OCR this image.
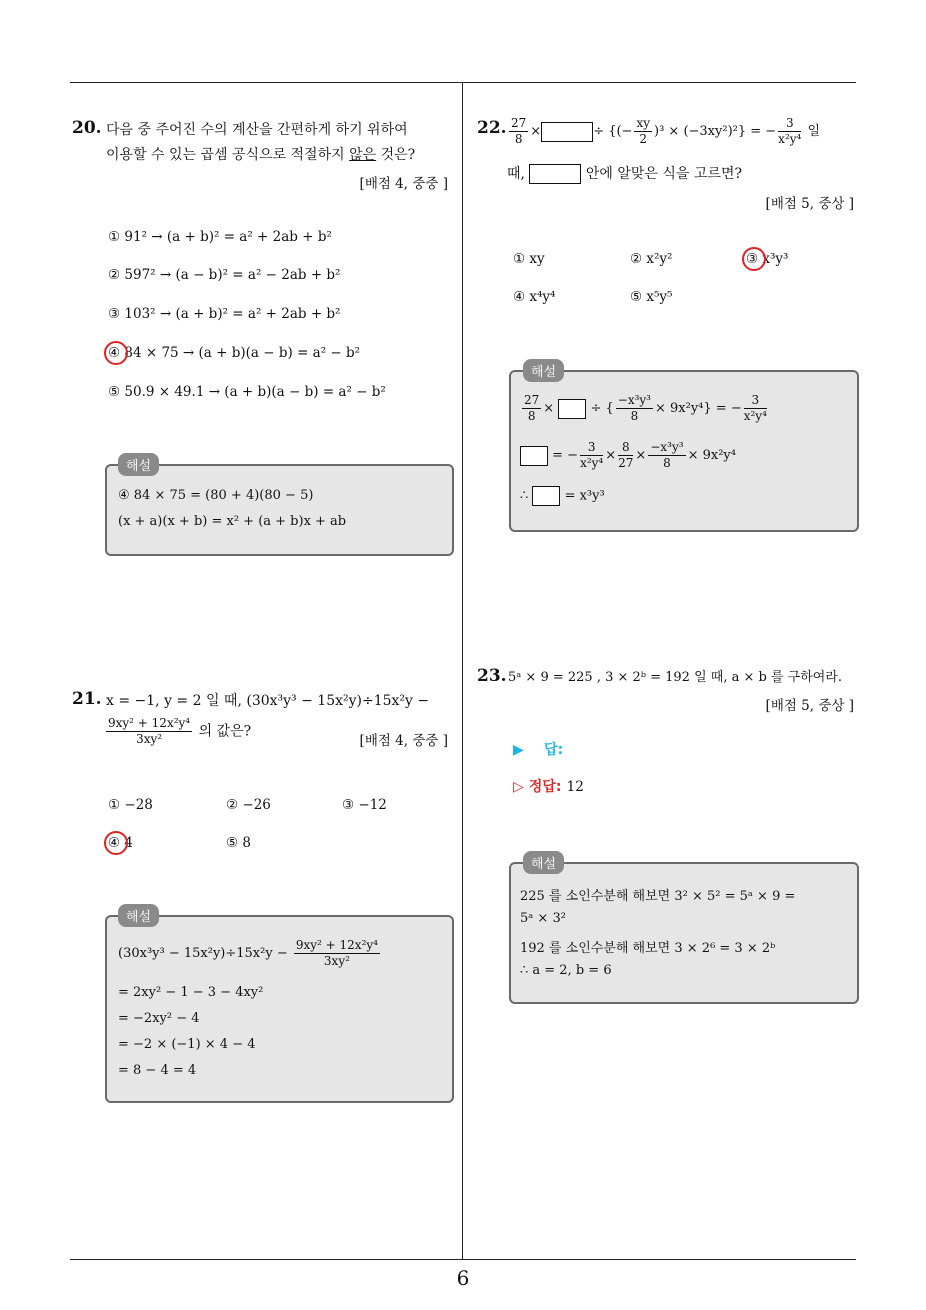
20. 다음 중 주어진 수의 계산을 간편하게 하기 위하여
이용할 수 있는 곱셈 공식으로 적절하지 않은 것은?
[배점 4, 중중 ]
① 91² → (a + b)² = a² + 2ab + b²
② 597² → (a − b)² = a² − 2ab + b²
③ 103² → (a + b)² = a² + 2ab + b²
④ 84 × 75 → (a + b)(a − b) = a² − b²
⑤ 50.9 × 49.1 → (a + b)(a − b) = a² − b²
해설
④ 84 × 75 = (80 + 4)(80 − 5)
(x + a)(x + b) = x² + (a + b)x + ab
21. x = −1, y = 2 일 때, (30x³y³ − 15x²y)÷15x²y −
$\frac{\text{9xy² + 12x²y⁴}}{\text{3xy²}}$ 의 값은?
[배점 4, 중중 ]
① −28	② −26	③ −12
④ 4	⑤ 8
해설
$(30x^3y^3 - 15x^2y)\div 15x^2y - \frac{\text{9xy² + 12x²y⁴}}{\text{3xy²}}$
= 2xy² − 1 − 3 − 4xy²
= −2xy² − 4
= −2 × (−1) × 4 − 4
= 8 − 4 = 4
22. $\frac{27}{8}$ ×	÷ {(− $\frac{xy}{2} )^3 \times (-3xy^2)^2$} = − $\frac{3}{\text{x²y⁴}}$ 일
때,	안에 알맞은 식을 고르면?
[배점 5, 중상 ]
① xy	② x²y²	③ x³y³
④ x⁴y⁴	⑤ x⁵y⁵
해설
$\frac{27}{8}$ ×	÷ { $\frac{\text{−x³y³}}{8} \times 9x^2y^4$} = − $\frac{3}{\text{x²y⁴}}$
= − $\frac{3}{\text{x²y⁴}} \times \frac{8}{27} \times \frac{\text{−x³y³}}{8} \times 9x^2y^4$
∴	= x³y³
23. 5ᵃ × 9 = 225 , 3 × 2ᵇ = 192 일 때, a × b 를 구하여라.
[배점 5, 중상 ]
▶ 답:
▷ 정답: 12
해설
225 를 소인수분해 해보면 3² × 5² = 5ᵃ × 9 =
5ᵃ × 3²
192 를 소인수분해 해보면 3 × 2⁶ = 3 × 2ᵇ
∴ a = 2, b = 6
6
